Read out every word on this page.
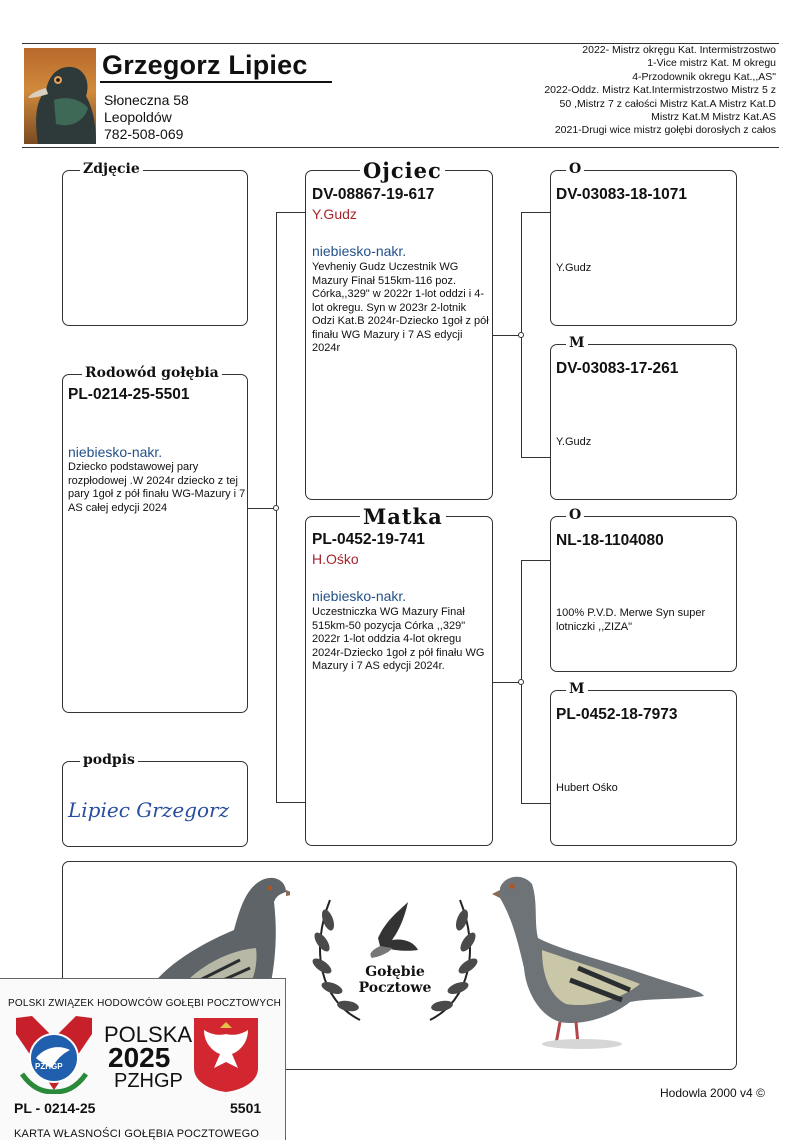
Grzegorz Lipiec
Słoneczna 58
Leopoldów
782-508-069
2022- Mistrz okręgu Kat. Intermistrzostwo
1-Vice mistrz Kat. M okregu
4-Przodownik okregu Kat.,,AS"
2022-Oddz. Mistrz Kat.Intermistrzostwo Mistrz 5 z
50 ,Mistrz 7 z całości Mistrz Kat.A Mistrz Kat.D
Mistrz Kat.M Mistrz Kat.AS
2021-Drugi wice mistrz gołębi dorosłych z całos
Zdjęcie
Rodowód gołębia
PL-0214-25-5501
niebiesko-nakr.
Dziecko podstawowej pary rozpłodowej .W 2024r dziecko z tej pary 1goł z pół finału WG-Mazury i 7 AS całej edycji 2024
podpis
Lipiec Grzegorz
Ojciec
DV-08867-19-617
Y.Gudz
niebiesko-nakr.
Yevheniy Gudz Uczestnik WG Mazury Finał 515km-116 poz. Córka,,329" w 2022r 1-lot oddzi i 4-lot okregu. Syn w 2023r 2-lotnik Odzi Kat.B 2024r-Dziecko 1goł z pół finału WG Mazury i 7 AS edycji 2024r
Matka
PL-0452-19-741
H.Ośko
niebiesko-nakr.
Uczestniczka WG Mazury Finał 515km-50 pozycja Córka ,,329" 2022r 1-lot oddzia 4-lot okregu 2024r-Dziecko 1goł z pół finału WG Mazury i 7 AS edycji 2024r.
O
DV-03083-18-1071
Y.Gudz
M
DV-03083-17-261
Y.Gudz
O
NL-18-1104080
100% P.V.D. Merwe Syn super lotniczki ,,ZIZA"
M
PL-0452-18-7973
Hubert Ośko
Gołębie
Pocztowe
POLSKI ZWIĄZEK HODOWCÓW GOŁĘBI POCZTOWYCH
PZHGP
POLSKA
2025
PZHGP
PL - 0214-25	5501
KARTA WŁASNOŚCI GOŁĘBIA POCZTOWEGO
Hodowla 2000 v4 ©
